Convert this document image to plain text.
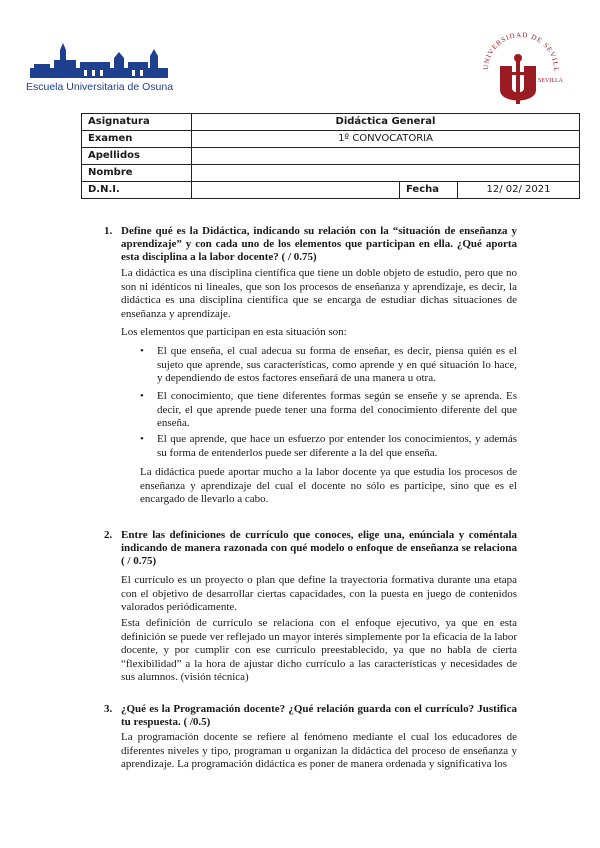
Escuela Universitaria de Osuna
UNIVERSIDAD DE SEVILL
SEVILLA
Asignatura	Didáctica General		
Examen	1º CONVOCATORIA		
Apellidos			
Nombre			
D.N.I.		Fecha	12/ 02/ 2021
1. Define qué es la Didáctica, indicando su relación con la “situación de enseñanza y aprendizaje” y con cada uno de los elementos que participan en ella. ¿Qué aporta esta disciplina a la labor docente? ( / 0.75)

La didáctica es una disciplina científica que tiene un doble objeto de estudio, pero que no son ni idénticos ni lineales, que son los procesos de enseñanza y aprendizaje, es decir, la didáctica es una disciplina científica que se encarga de estudiar dichas situaciones de enseñanza y aprendizaje.

Los elementos que participan en esta situación son:

• El que enseña, el cual adecua su forma de enseñar, es decir, piensa quién es el sujeto que aprende, sus características, como aprende y en qué situación lo hace, y dependiendo de estos factores enseñará de una manera u otra.

• El conocimiento, que tiene diferentes formas según se enseñe y se aprenda. Es decir, el que aprende puede tener una forma del conocimiento diferente del que enseña.

• El que aprende, que hace un esfuerzo por entender los conocimientos, y además su forma de entenderlos puede ser diferente a la del que enseña.

La didáctica puede aportar mucho a la labor docente ya que estudia los procesos de enseñanza y aprendizaje del cual el docente no sólo es participe, sino que es el encargado de llevarlo a cabo.

2. Entre las definiciones de currículo que conoces, elige una, enúnciala y coméntala indicando de manera razonada con qué modelo o enfoque de enseñanza se relaciona ( / 0.75)

El currículo es un proyecto o plan que define la trayectoria formativa durante una etapa con el objetivo de desarrollar ciertas capacidades, con la puesta en juego de contenidos valorados periódicamente.

Esta definición de currículo se relaciona con el enfoque ejecutivo, ya que en esta definición se puede ver reflejado un mayor interés simplemente por la eficacia de la labor docente, y por cumplir con ese currículo preestablecido, ya que no habla de cierta “flexibilidad” a la hora de ajustar dicho currículo a las características y necesidades de sus alumnos. (visión técnica)

3. ¿Qué es la Programación docente? ¿Qué relación guarda con el currículo? Justifica tu respuesta. ( /0.5)

La programación docente se refiere al fenómeno mediante el cual los educadores de diferentes niveles y tipo, programan u organizan la didáctica del proceso de enseñanza y aprendizaje. La programación didáctica es poner de manera ordenada y significativa los
